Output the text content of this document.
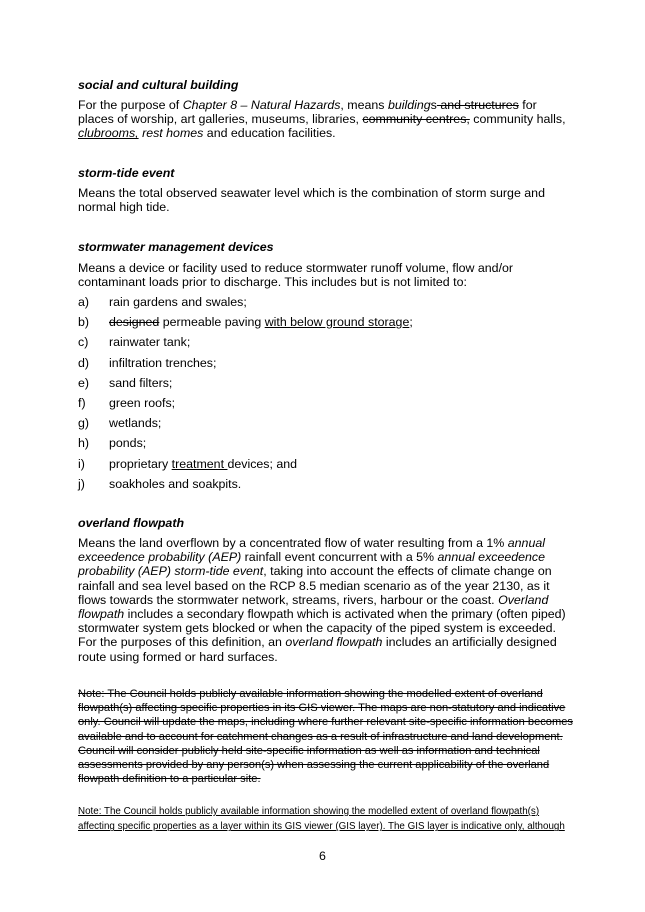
social and cultural building
For the purpose of Chapter 8 – Natural Hazards, means buildings and structures for places of worship, art galleries, museums, libraries, community centres, community halls, clubrooms, rest homes and education facilities.
storm-tide event
Means the total observed seawater level which is the combination of storm surge and normal high tide.
stormwater management devices
Means a device or facility used to reduce stormwater runoff volume, flow and/or contaminant loads prior to discharge. This includes but is not limited to:
a) rain gardens and swales;
b) designed permeable paving with below ground storage;
c) rainwater tank;
d) infiltration trenches;
e) sand filters;
f) green roofs;
g) wetlands;
h) ponds;
i) proprietary treatment devices; and
j) soakholes and soakpits.
overland flowpath
Means the land overflown by a concentrated flow of water resulting from a 1% annual exceedence probability (AEP) rainfall event concurrent with a 5% annual exceedence probability (AEP) storm-tide event, taking into account the effects of climate change on rainfall and sea level based on the RCP 8.5 median scenario as of the year 2130, as it flows towards the stormwater network, streams, rivers, harbour or the coast. Overland flowpath includes a secondary flowpath which is activated when the primary (often piped) stormwater system gets blocked or when the capacity of the piped system is exceeded. For the purposes of this definition, an overland flowpath includes an artificially designed route using formed or hard surfaces.
Note: The Council holds publicly available information showing the modelled extent of overland flowpath(s) affecting specific properties in its GIS viewer. The maps are non-statutory and indicative only. Council will update the maps, including where further relevant site-specific information becomes available and to account for catchment changes as a result of infrastructure and land development. Council will consider publicly held site-specific information as well as information and technical assessments provided by any person(s) when assessing the current applicability of the overland flowpath definition to a particular site.
Note: The Council holds publicly available information showing the modelled extent of overland flowpath(s) affecting specific properties as a layer within its GIS viewer (GIS layer). The GIS layer is indicative only, although
6
